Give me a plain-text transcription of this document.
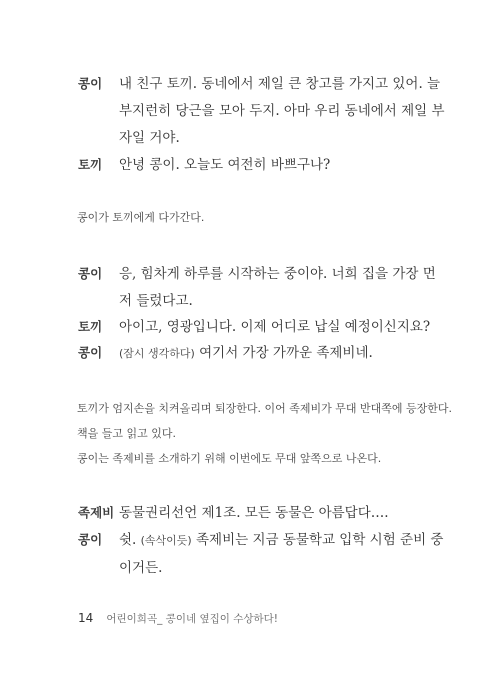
콩이 내 친구 토끼. 동네에서 제일 큰 창고를 가지고 있어. 늘
부지런히 당근을 모아 두지. 아마 우리 동네에서 제일 부
자일 거야.
토끼 안녕 콩이. 오늘도 여전히 바쁘구나?
콩이가 토끼에게 다가간다.
콩이 응, 힘차게 하루를 시작하는 중이야. 너희 집을 가장 먼
저 들렀다고.
토끼 아이고, 영광입니다. 이제 어디로 납실 예정이신지요?
콩이 (잠시 생각하다) 여기서 가장 가까운 족제비네.
토끼가 엄지손을 치켜올리며 퇴장한다. 이어 족제비가 무대 반대쪽에 등장한다.
책을 들고 읽고 있다.
콩이는 족제비를 소개하기 위해 이번에도 무대 앞쪽으로 나온다.
족제비 동물권리선언 제1조. 모든 동물은 아름답다….
콩이 쉿. (속삭이듯) 족제비는 지금 동물학교 입학 시험 준비 중
이거든.
14 어린이희곡_ 콩이네 옆집이 수상하다!
